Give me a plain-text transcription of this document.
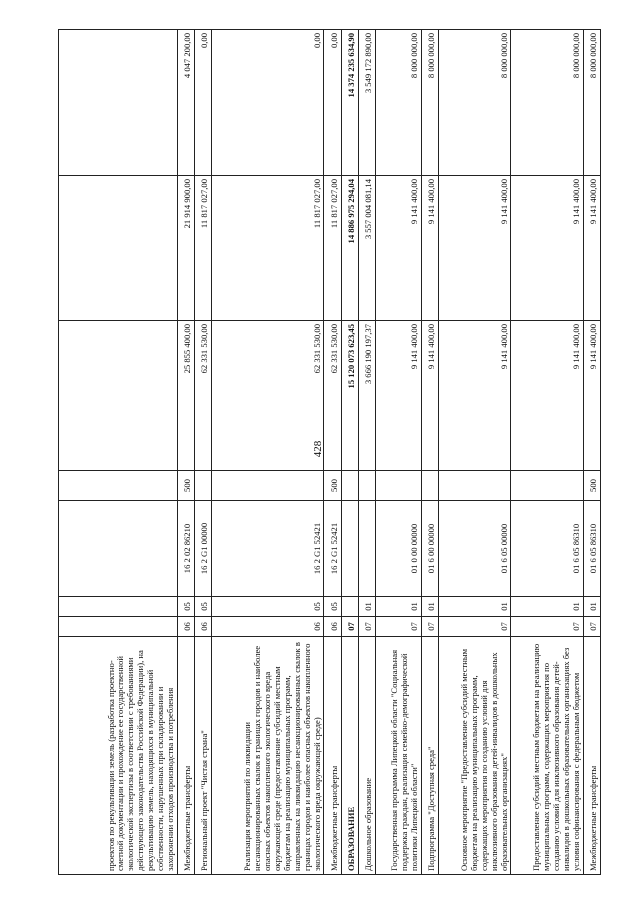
428
проектов по рекультивации земель (разработка проектно-сметной документации и прохождение ее государственной экологической экспертизы в соответствии с требованиями действующего законодательства Российской Федерации), на рекультивацию земель, находящихся в муниципальной собственности, нарушенных при складировании и захоронении отходов производства и потребления							
Межбюджетные трансферты	06	05	16 2 02 86210	500	25 855 400,00	21 914 900,00	4 047 200,00
Региональный проект "Чистая страна"	06	05	16 2 G1 00000		62 331 530,00	11 817 027,00	0,00
Реализация мероприятий по ликвидации несанкционированных свалок в границах городов и наиболее опасных объектов накопленного экологического вреда окружающей среде (предоставление субсидий местным бюджетам на реализацию муниципальных программ, направленных на ликвидацию несанкционированных свалок в границах городов и наиболее опасных объектов накопленного экологического вреда окружающей среде)	06	05	16 2 G1 52421		62 331 530,00	11 817 027,00	0,00
Межбюджетные трансферты	06	05	16 2 G1 52421	500	62 331 530,00	11 817 027,00	0,00
ОБРАЗОВАНИЕ	07				15 120 073 623,45	14 886 975 294,04	14 374 235 634,90
Дошкольное образование	07	01			3 666 190 197,37	3 557 004 081,14	3 549 172 890,00
Государственная программа Липецкой области "Социальная поддержка граждан, реализация семейно-демографической политики Липецкой области"	07	01	01 0 00 00000		9 141 400,00	9 141 400,00	8 000 000,00
Подпрограмма "Доступная среда"	07	01	01 6 00 00000		9 141 400,00	9 141 400,00	8 000 000,00
Основное мероприятие "Предоставление субсидий местным бюджетам на реализацию муниципальных программ, содержащих мероприятия по созданию условий для инклюзивного образования детей-инвалидов в дошкольных образовательных организациях"	07	01	01 6 05 00000		9 141 400,00	9 141 400,00	8 000 000,00
Предоставление субсидий местным бюджетам на реализацию муниципальных программ, содержащих мероприятия по созданию условий для инклюзивного образования детей-инвалидов в дошкольных образовательных организациях без условия софинансирования с федеральным бюджетом	07	01	01 6 05 86310		9 141 400,00	9 141 400,00	8 000 000,00
Межбюджетные трансферты	07	01	01 6 05 86310	500	9 141 400,00	9 141 400,00	8 000 000,00
